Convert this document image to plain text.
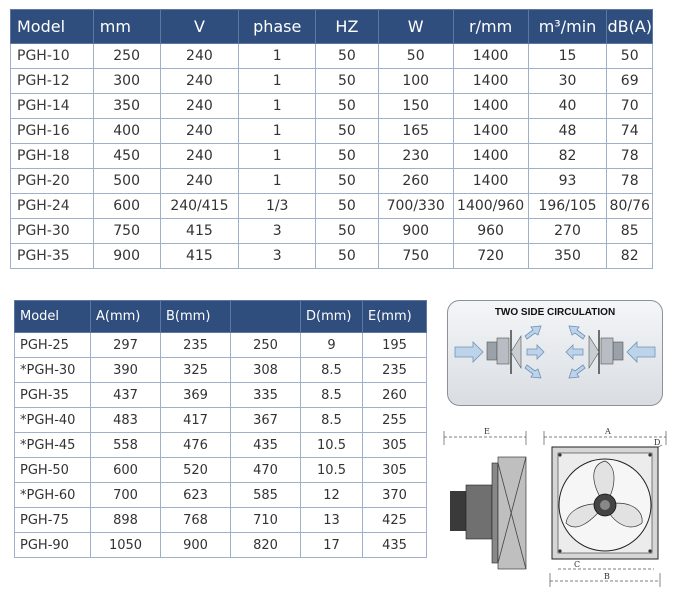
Model	mm	V	phase	HZ	W	r/mm	m³/min	dB(A)
PGH-10	250	240	1	50	50	1400	15	50
PGH-12	300	240	1	50	100	1400	30	69
PGH-14	350	240	1	50	150	1400	40	70
PGH-16	400	240	1	50	165	1400	48	74
PGH-18	450	240	1	50	230	1400	82	78
PGH-20	500	240	1	50	260	1400	93	78
PGH-24	600	240/415	1/3	50	700/330	1400/960	196/105	80/76
PGH-30	750	415	3	50	900	960	270	85
PGH-35	900	415	3	50	750	720	350	82
Model	A(mm)	B(mm)		D(mm)	E(mm)
PGH-25	297	235	250	9	195
*PGH-30	390	325	308	8.5	235
PGH-35	437	369	335	8.5	260
*PGH-40	483	417	367	8.5	255
*PGH-45	558	476	435	10.5	305
PGH-50	600	520	470	10.5	305
*PGH-60	700	623	585	12	370
PGH-75	898	768	710	13	425
PGH-90	1050	900	820	17	435
TWO SIDE CIRCULATION
E	A
D
C
B
